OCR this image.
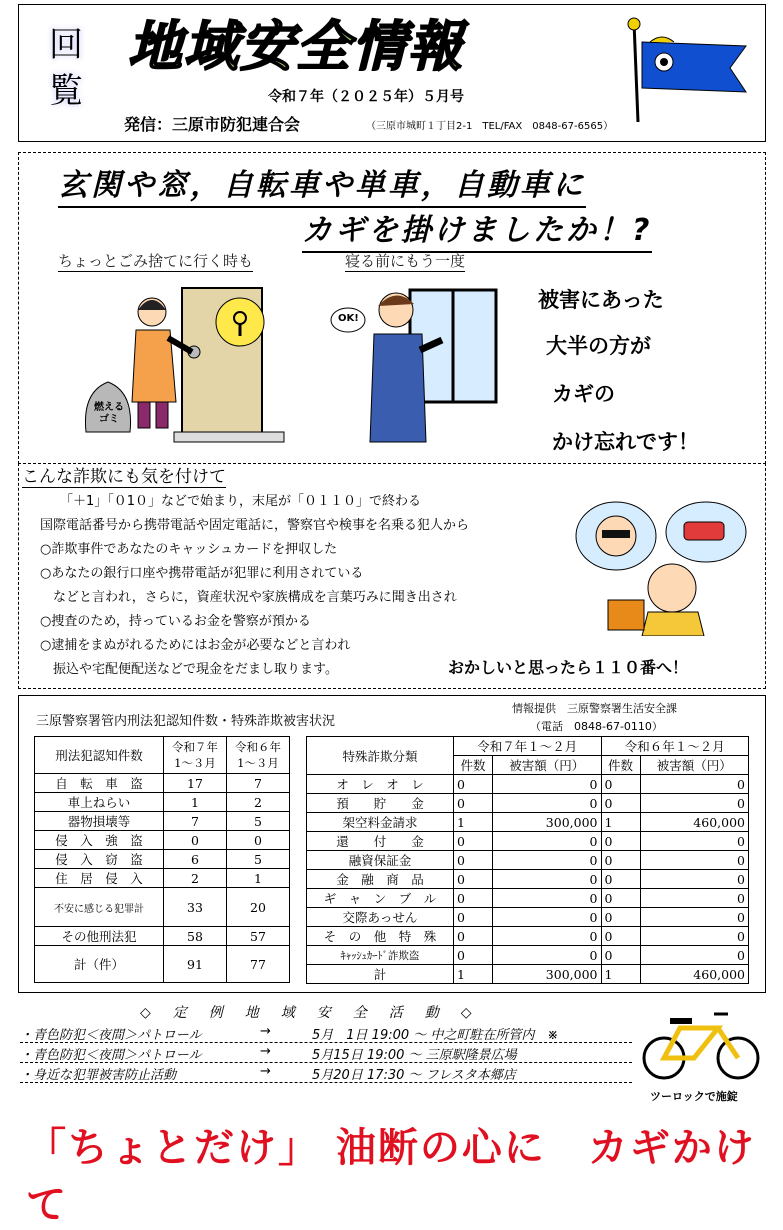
回
覧
地域安全情報
令和７年（２０２５年）５月号
発信：三原市防犯連合会	（三原市城町１丁目2-1　TEL/FAX　0848-67-6565）
玄関や窓，自転車や単車，自動車に
カギを掛けましたか！?
ちょっとごみ捨てに行く時も	寝る前にもう一度
燃える ゴミ
OK!
被害にあった
大半の方が
カギの
かけ忘れです！
こんな詐欺にも気を付けて
「＋1」「０1０」などで始まり，末尾が「０１１０」で終わる
国際電話番号から携帯電話や固定電話に，警察官や検事を名乗る犯人から
○詐欺事件であなたのキャッシュカードを押収した
○あなたの銀行口座や携帯電話が犯罪に利用されている
　などと言われ，さらに，資産状況や家族構成を言葉巧みに聞き出され
○捜査のため，持っているお金を警察が預かる
○逮捕をまぬがれるためにはお金が必要などと言われ
　振込や宅配便配送などで現金をだまし取ります。	おかしいと思ったら１１０番へ！
三原警察署管内刑法犯認知件数・特殊詐欺被害状況
情報提供　三原警察署生活安全課
（電話　0848-67-0110）
刑法犯認知件数	令和７年 1～３月	令和６年 1～３月
自　転　車　盗	17	7
車上ねらい	1	2
器物損壊等	7	5
侵　入　強　盗	0	0
侵　入　窃　盗	6	5
住　居　侵　入	2	1
不安に感じる犯罪計	33	20
その他刑法犯	58	57
計（件）	91	77
特殊詐欺分類	令和７年１～２月		令和６年１～２月	
	件数	被害額（円）	件数	被害額（円）
オ　レ　オ　レ	0	0	0	0
預　　貯　　金	0	0	0	0
架空料金請求	1	300,000	1	460,000
還　　付　　金	0	0	0	0
融資保証金	0	0	0	0
金　融　商　品	0	0	0	0
ギ　ャ　ン　ブ　ル	0	0	0	0
交際あっせん	0	0	0	0
そ　の　他　特　殊	0	0	0	0
ｷｬｯｼｭｶｰﾄﾞ詐欺盗	0	0	0	0
計	1	300,000	1	460,000
◇　定　例　地　域　安　全　活　動　◇
・青色防犯＜夜間＞パトロール	→	5月　1日 19:00 ～ 中之町駐在所管内　※
・青色防犯＜夜間＞パトロール	→	5月15日 19:00 ～ 三原駅隆景広場
・身近な犯罪被害防止活動	→	5月20日 17:30 ～ フレスタ本郷店
ツーロックで施錠
「ちょとだけ」 油断の心に　カギかけて
